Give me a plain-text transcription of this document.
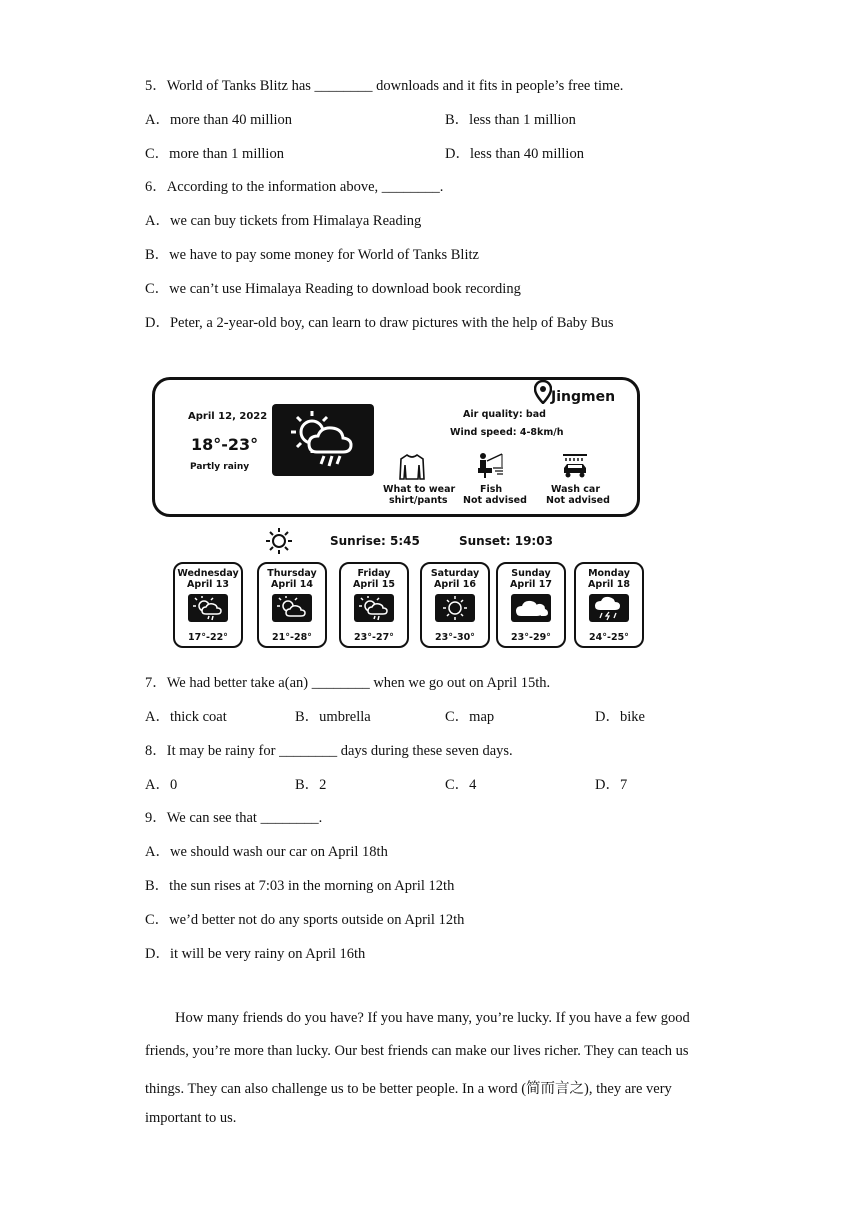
5．World of Tanks Blitz has ________ downloads and it fits in people’s free time.
A．more than 40 million	B．less than 1 million
C．more than 1 million	D．less than 40 million
6．According to the information above, ________.
A．we can buy tickets from Himalaya Reading
B．we have to pay some money for World of Tanks Blitz
C．we can’t use Himalaya Reading to download book recording
D．Peter, a 2-year-old boy, can learn to draw pictures with the help of Baby Bus
April 12, 2022
18°-23°
Partly rainy
Jingmen
Air quality: bad
Wind speed: 4-8km/h
What to wear
shirt/pants
Fish
Not advised
Wash car
Not advised
Sunrise: 5:45	Sunset: 19:03
Wednesday
April 13
17°-22°
Thursday
April 14
21°-28°
Friday
April 15
23°-27°
Saturday
April 16
23°-30°
Sunday
April 17
23°-29°
Monday
April 18
24°-25°
7．We had better take a(an) ________ when we go out on April 15th.
A．thick coat	B．umbrella	C．map	D．bike
8．It may be rainy for ________ days during these seven days.
A．0	B．2	C．4	D．7
9．We can see that ________.
A．we should wash our car on April 18th
B．the sun rises at 7:03 in the morning on April 12th
C．we’d better not do any sports outside on April 12th
D．it will be very rainy on April 16th
How many friends do you have? If you have many, you’re lucky. If you have a few good
friends, you’re more than lucky. Our best friends can make our lives richer. They can teach us
things. They can also challenge us to be better people. In a word (简而言之), they are very
important to us.
